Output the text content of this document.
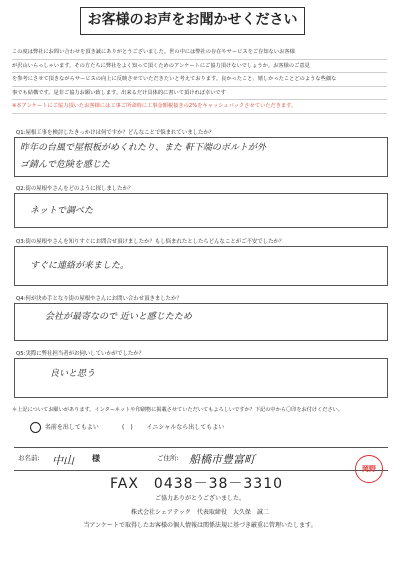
お客様のお声をお聞かせください
この度は弊社にお問い合わせを頂き誠にありがとうございました。世の中には弊社の存在やサービスをご存知ないお客様
が沢山いらっしゃいます。その方たちに弊社をよく知って頂くためのアンケートにご協力頂けないでしょうか。お客様のご意見
を参考にさせて頂きながらサービスの向上に反映させていただきたいと考えております。良かったこと、嬉しかったことどのような些細な
事でも結構です。是非ご協力お願い致します。出来るだけ具体的に書いて頂ければ幸いです
※本アンケートにご協力頂いたお客様には工事ご所命時に工事金額税抜きの2%をキャッシュバックさせていただきます。
Q1:屋根工事を検討したきっかけは何ですか？どんなことで悩まれていましたか？
昨年の台風で屋根板がめくれたり、また 軒下端のボルトが外
ゴ錆んで危険を感じた
Q2:街の屋根やさんをどのように探しましたか？
ネットで調べた
Q3:街の屋根やさんを知りすぐにお問合せ頂けましたか？もし悩まれたとしたらどんなことがご不安でしたか？
すぐに連絡が来ました。
Q4:何が決め手となり街の屋根やさんにお問い合わせ頂きましたか？
会社が最寄なので 近いと感じたため
Q5:実際に弊社担当者がお伺いしていかがでしたか？
良いと思う
＊上記についてお願いがあります。インターネットや印刷物に掲載させていただいてもよろしいですか？下記の中から〇印をお付けください。
名前を出してもよい	(　) イニシャルなら出してもよい
お名前: 中山 様	ご住所: 船橋市豊富町
FAX　0438－38－3310
岡野
ご協力ありがとうございました。
株式会社シェアテック　代表取締役　大久保　誠二
当アンケートで取得したお客様の個人情報は関係法規に基づき厳重に管理いたします。
